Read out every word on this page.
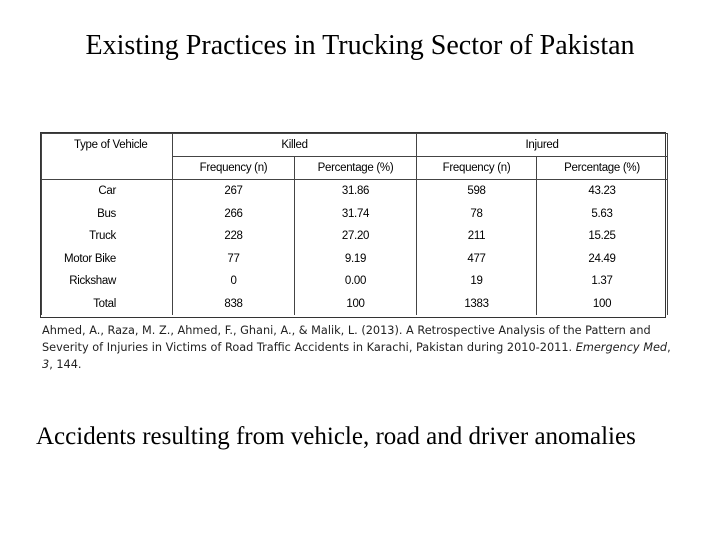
Existing Practices in Trucking Sector of Pakistan
Type of Vehicle	Killed		Injured	
	Frequency (n)	Percentage (%)	Frequency (n)	Percentage (%)
Car	267	31.86	598	43.23
Bus	266	31.74	78	5.63
Truck	228	27.20	211	15.25
Motor Bike	77	9.19	477	24.49
Rickshaw	0	0.00	19	1.37
Total	838	100	1383	100
Ahmed, A., Raza, M. Z., Ahmed, F., Ghani, A., & Malik, L. (2013). A Retrospective Analysis of the Pattern and Severity of Injuries in Victims of Road Traffic Accidents in Karachi, Pakistan during 2010-2011. Emergency Med, 3, 144.
Accidents resulting from vehicle, road and driver anomalies
